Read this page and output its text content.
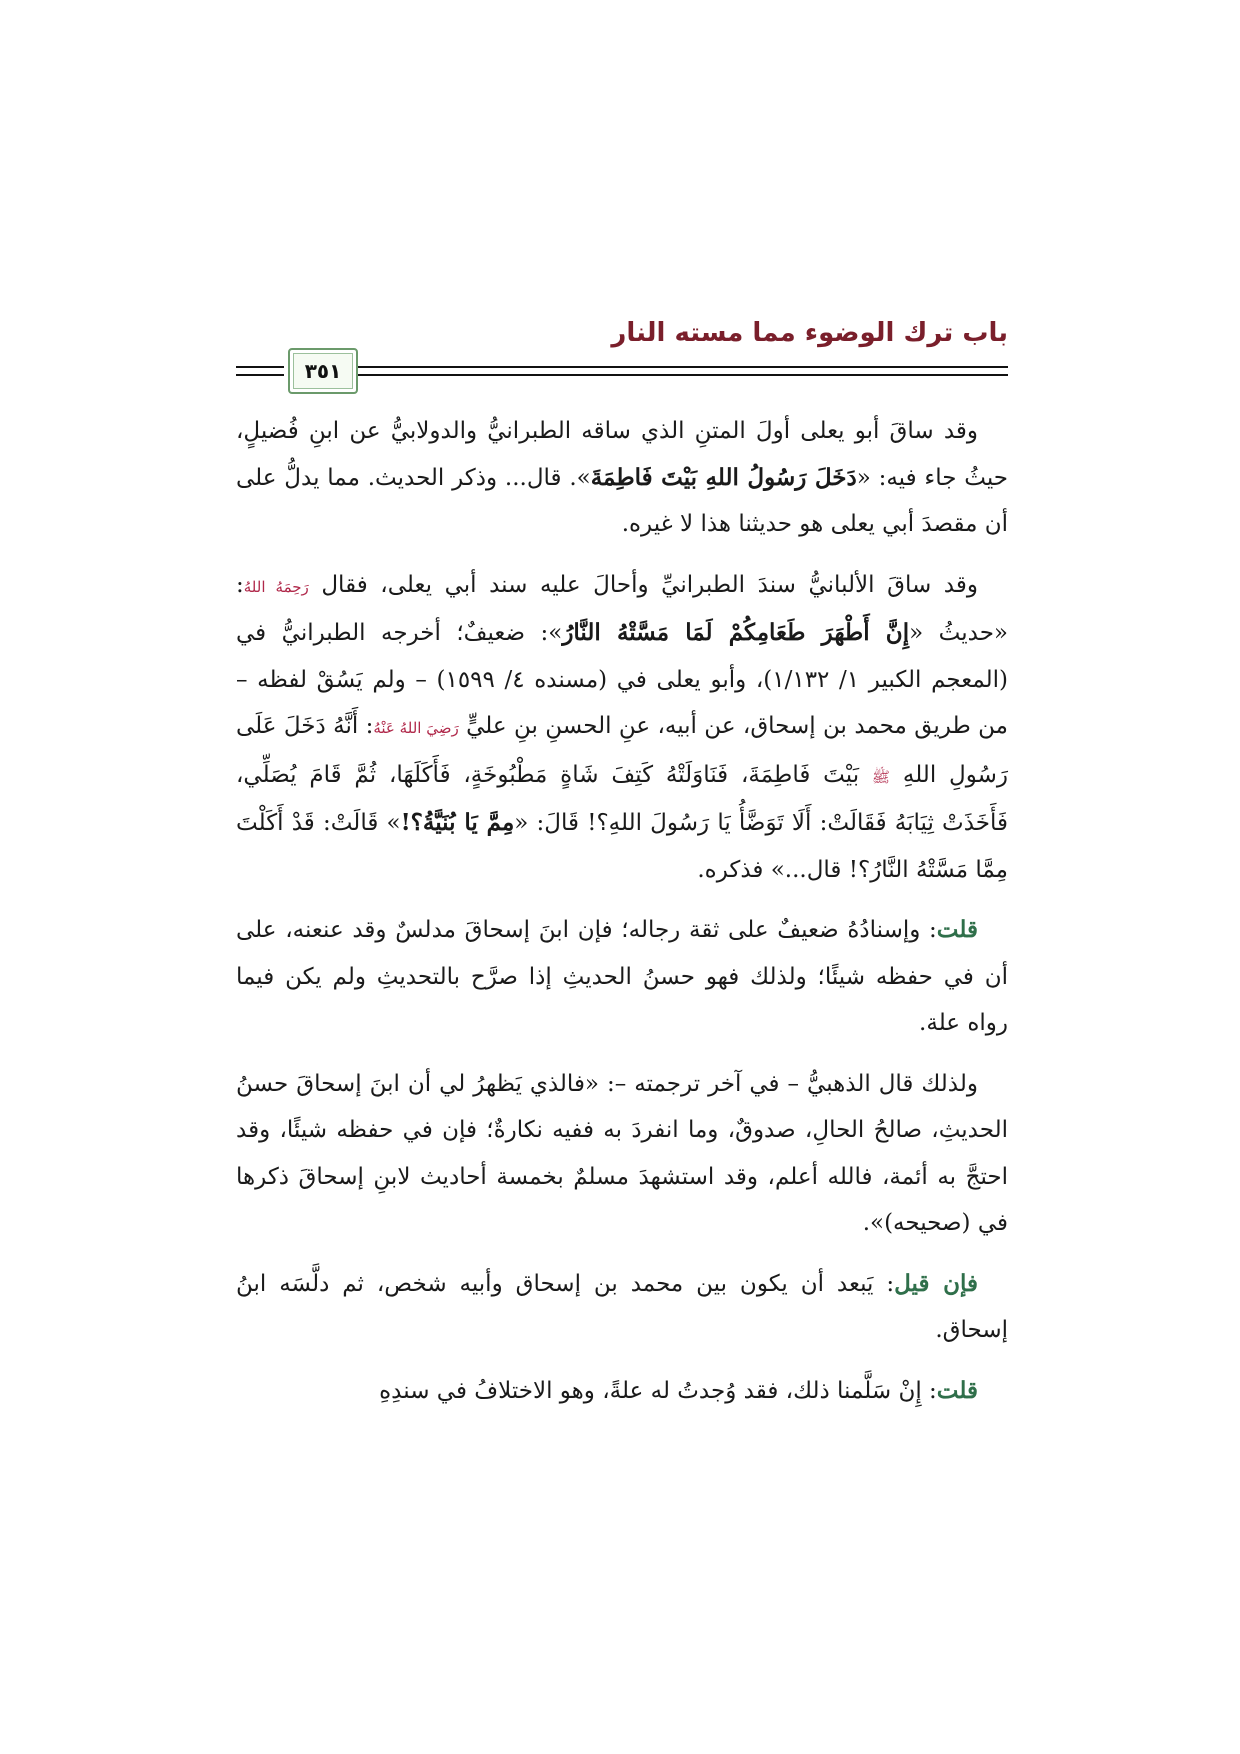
باب ترك الوضوء مما مسته النار
٣٥١

وقد ساقَ أبو يعلى أولَ المتنِ الذي ساقه الطبرانيُّ والدولابيُّ عن ابنِ فُضيلٍ، حيثُ جاء فيه: «دَخَلَ رَسُولُ اللهِ بَيْتَ فَاطِمَةَ». قال... وذكر الحديث. مما يدلُّ على أن مقصدَ أبي يعلى هو حديثنا هذا لا غيره.

وقد ساقَ الألبانيُّ سندَ الطبرانيِّ وأحالَ عليه سند أبي يعلى، فقال رَحِمَهُ اللهُ: «حديثُ «إِنَّ أَطْهَرَ طَعَامِكُمْ لَمَا مَسَّتْهُ النَّارُ»: ضعيفٌ؛ أخرجه الطبرانيُّ في (المعجم الكبير ١/ ١/١٣٢)، وأبو يعلى في (مسنده ٤/ ١٥٩٩) – ولم يَسُقْ لفظه – من طريق محمد بن إسحاق، عن أبيه، عنِ الحسنِ بنِ عليٍّ رَضِيَ اللهُ عَنْهُ: أَنَّهُ دَخَلَ عَلَى رَسُولِ اللهِ ﷺ بَيْتَ فَاطِمَةَ، فَنَاوَلَتْهُ كَتِفَ شَاةٍ مَطْبُوخَةٍ، فَأَكَلَهَا، ثُمَّ قَامَ يُصَلِّي، فَأَخَذَتْ ثِيَابَهُ فَقَالَتْ: أَلَا تَوَضَّأُ يَا رَسُولَ اللهِ؟! قَالَ: «مِمَّ يَا بُنَيَّةُ؟!» قَالَتْ: قَدْ أَكَلْتَ مِمَّا مَسَّتْهُ النَّارُ؟! قال...» فذكره.

قلت: وإسنادُهُ ضعيفٌ على ثقة رجاله؛ فإن ابنَ إسحاقَ مدلسٌ وقد عنعنه، على أن في حفظه شيئًا؛ ولذلك فهو حسنُ الحديثِ إذا صرَّح بالتحديثِ ولم يكن فيما رواه علة.

ولذلك قال الذهبيُّ – في آخر ترجمته –: «فالذي يَظهرُ لي أن ابنَ إسحاقَ حسنُ الحديثِ، صالحُ الحالِ، صدوقٌ، وما انفردَ به ففيه نكارةٌ؛ فإن في حفظه شيئًا، وقد احتجَّ به أئمة، فالله أعلم، وقد استشهدَ مسلمٌ بخمسة أحاديث لابنِ إسحاقَ ذكرها في (صحيحه)».

فإن قيل: يَبعد أن يكون بين محمد بن إسحاق وأبيه شخص، ثم دلَّسَه ابنُ إسحاق.

قلت: إِنْ سَلَّمنا ذلك، فقد وُجدتُ له علةً، وهو الاختلافُ في سندِهِ
